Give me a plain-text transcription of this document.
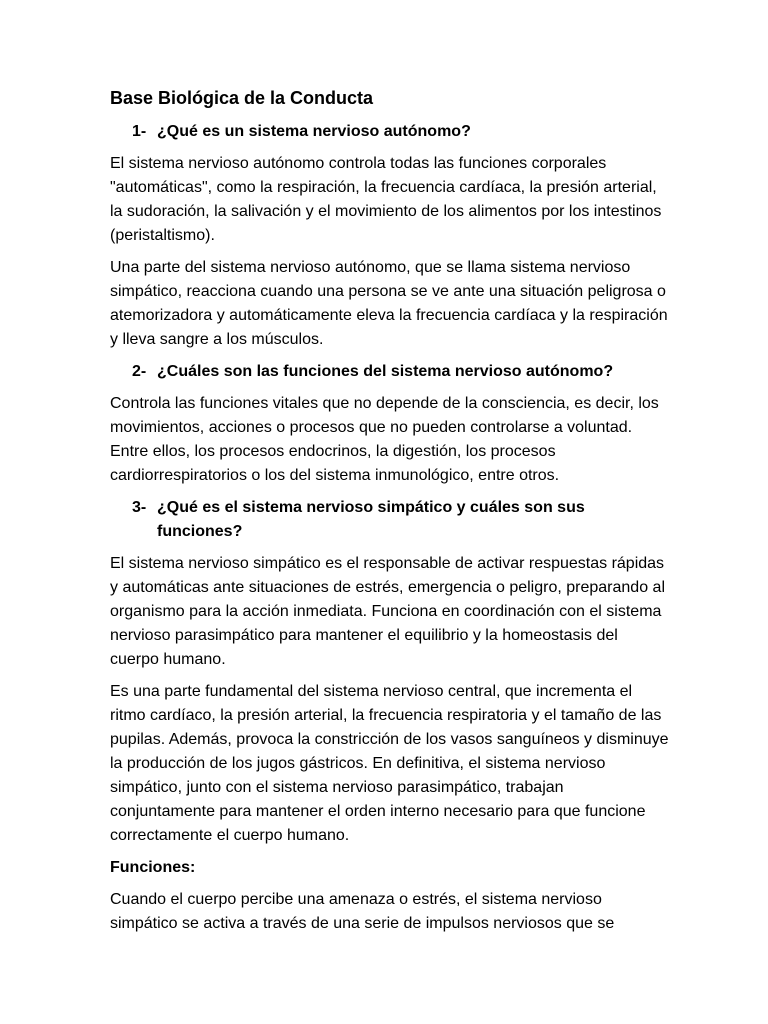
Base Biológica de la Conducta
1- ¿Qué es un sistema nervioso autónomo?

El sistema nervioso autónomo controla todas las funciones corporales "automáticas", como la respiración, la frecuencia cardíaca, la presión arterial, la sudoración, la salivación y el movimiento de los alimentos por los intestinos (peristaltismo).

Una parte del sistema nervioso autónomo, que se llama sistema nervioso simpático, reacciona cuando una persona se ve ante una situación peligrosa o atemorizadora y automáticamente eleva la frecuencia cardíaca y la respiración y lleva sangre a los músculos.

2- ¿Cuáles son las funciones del sistema nervioso autónomo?

Controla las funciones vitales que no depende de la consciencia, es decir, los movimientos, acciones o procesos que no pueden controlarse a voluntad. Entre ellos, los procesos endocrinos, la digestión, los procesos cardiorrespiratorios o los del sistema inmunológico, entre otros.

3- ¿Qué es el sistema nervioso simpático y cuáles son sus funciones?

El sistema nervioso simpático es el responsable de activar respuestas rápidas y automáticas ante situaciones de estrés, emergencia o peligro, preparando al organismo para la acción inmediata. Funciona en coordinación con el sistema nervioso parasimpático para mantener el equilibrio y la homeostasis del cuerpo humano.

Es una parte fundamental del sistema nervioso central, que incrementa el ritmo cardíaco, la presión arterial, la frecuencia respiratoria y el tamaño de las pupilas. Además, provoca la constricción de los vasos sanguíneos y disminuye la producción de los jugos gástricos. En definitiva, el sistema nervioso simpático, junto con el sistema nervioso parasimpático, trabajan conjuntamente para mantener el orden interno necesario para que funcione correctamente el cuerpo humano.

Funciones:

Cuando el cuerpo percibe una amenaza o estrés, el sistema nervioso simpático se activa a través de una serie de impulsos nerviosos que se
